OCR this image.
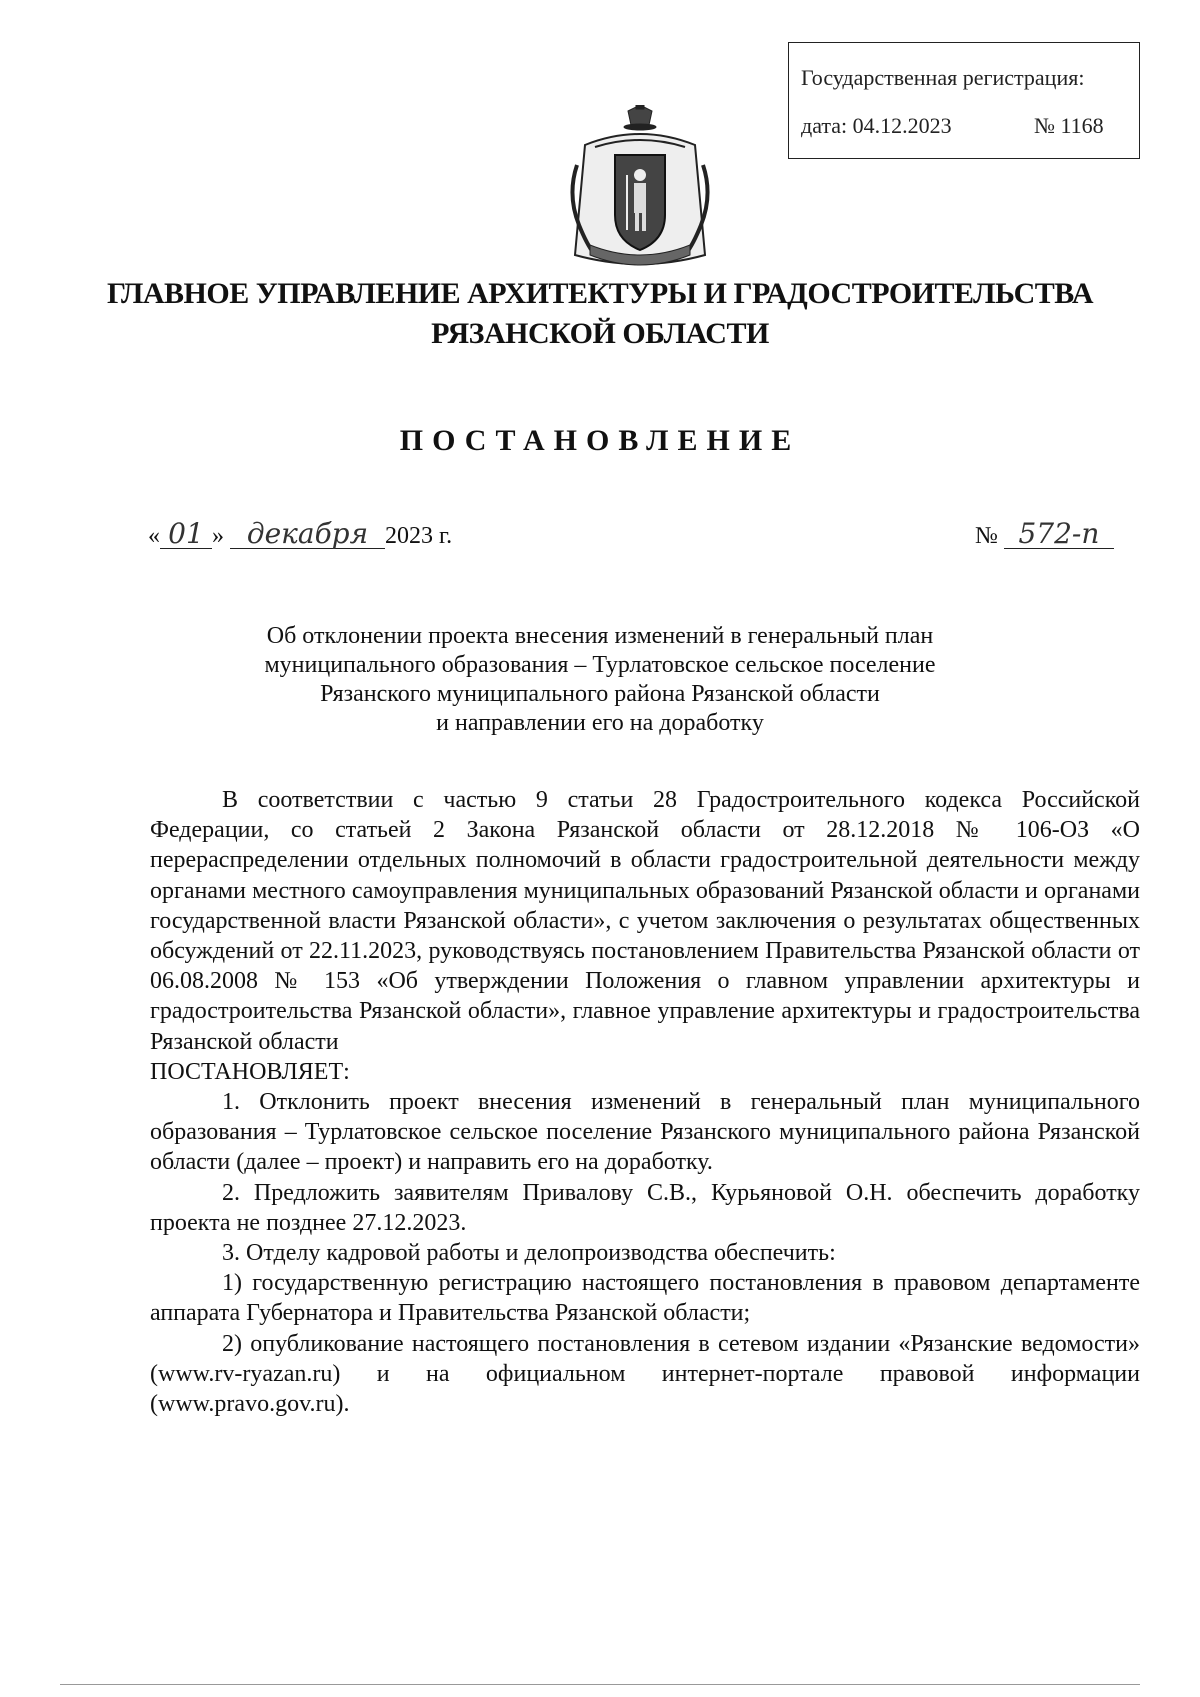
Государственная регистрация:
дата: 04.12.2023	№ 1168
ГЛАВНОЕ УПРАВЛЕНИЕ АРХИТЕКТУРЫ И ГРАДОСТРОИТЕЛЬСТВА
РЯЗАНСКОЙ ОБЛАСТИ
ПОСТАНОВЛЕНИЕ
« 01 » декабря 2023 г.	№ 572-п
Об отклонении проекта внесения изменений в генеральный план
муниципального образования – Турлатовское сельское поселение
Рязанского муниципального района Рязанской области
и направлении его на доработку

В соответствии с частью 9 статьи 28 Градостроительного кодекса Российской Федерации, со статьей 2 Закона Рязанской области от 28.12.2018 № 106-ОЗ «О перераспределении отдельных полномочий в области градостроительной деятельности между органами местного самоуправления муниципальных образований Рязанской области и органами государственной власти Рязанской области», с учетом заключения о результатах общественных обсуждений от 22.11.2023, руководствуясь постановлением Правительства Рязанской области от 06.08.2008 № 153 «Об утверждении Положения о главном управлении архитектуры и градостроительства Рязанской области», главное управление архитектуры и градостроительства Рязанской области

ПОСТАНОВЛЯЕТ:

1. Отклонить проект внесения изменений в генеральный план муниципального образования – Турлатовское сельское поселение Рязанского муниципального района Рязанской области (далее – проект) и направить его на доработку.

2. Предложить заявителям Привалову С.В., Курьяновой О.Н. обеспечить доработку проекта не позднее 27.12.2023.

3. Отделу кадровой работы и делопроизводства обеспечить:

1) государственную регистрацию настоящего постановления в правовом департаменте аппарата Губернатора и Правительства Рязанской области;

2) опубликование настоящего постановления в сетевом издании «Рязанские ведомости» (www.rv-ryazan.ru) и на официальном интернет-портале правовой информации (www.pravo.gov.ru).
